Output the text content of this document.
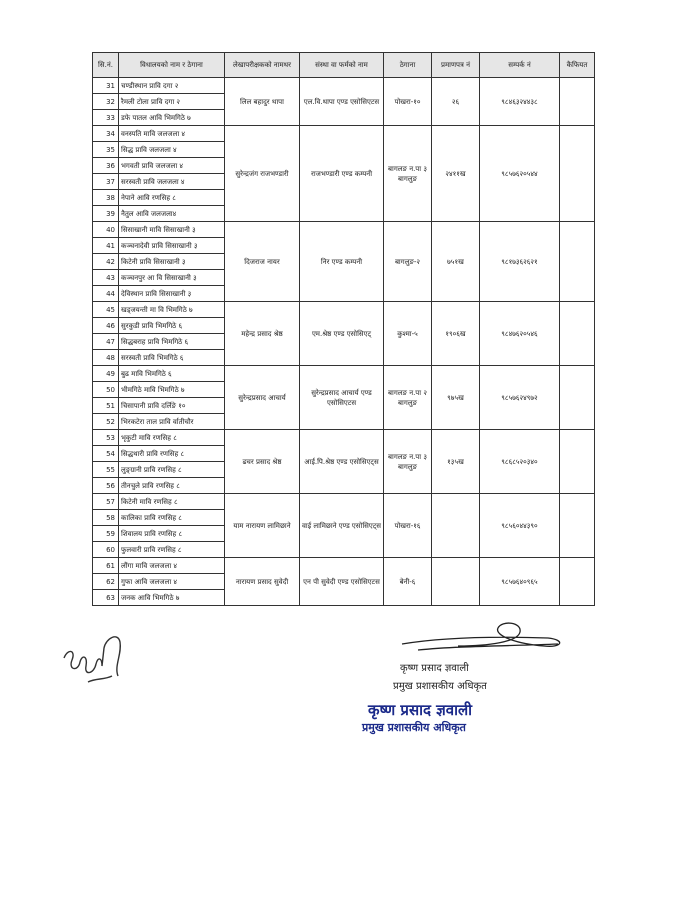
सि.नं.	विधालयको नाम र ठेगाना	लेखापरीक्षकको नामथर	संस्था वा फर्मको नाम	ठेगाना	प्रमाणपत्र नं	सम्पर्क नं	कैफियत
31	चण्डीस्थान प्रावि दगा २	लिल बहादुर थापा	एल.वि.थापा एण्ड एसोसिएटस	पोखरा-१०	२६	९८४६३२४४३८	
32	रैमली टोला प्रावि दगा २						
33	डफे पातल आवि भिमगिठे ७						
34	वनस्पति मावि जलजला ४	सुरेन्द्रजंग राजभण्डारी	राजभण्डारी एण्ड कम्पनी	बागलङ न.पा ३ बागलुङ	२४११ख	९८५७६२०५४४	
35	सिद्ध प्रावि जलजला ४						
36	भगवती प्रावि जलजला ४						
37	सरस्वती प्रावि जलजला ४						
38	नेपाने आवि रणसिह ८						
39	नैतुल आवि जलजला४						
40	सिसाखानी मावि सिसाखानी ३	दिजराज नायर	निर एण्ड कम्पनी	बागलुङ-२	७५१ख	९८१७३६२६२१	
41	कञ्चनादेवी प्रावि सिसाखानी ३						
42	किटेनी प्रावि सिसाखानी ३						
43	कञ्चनपुर आ वि सिसाखानी ३						
44	देविस्थान प्रावि सिसाखानी ३						
45	खड्जयन्ती मा वि भिमगिठे ७	महेन्द्र प्रसाद श्रेष्ठ	एम.श्रेष्ठ एण्ड एसोसिएट्	कुश्मा-५	१९०६ख	९८४७६२०५४६	
46	सुरकुडी प्रावि भिमगिठे ६						
47	सिद्धबराह प्रावि भिमगिठे ६						
48	सरस्वती प्रावि भिमगिठे ६						
49	बुढ मावि भिमगिठे ६	सुरेन्द्रप्रसाद आचार्य	सुरेन्द्रप्रसाद आचार्य एण्ड एसोसिएटस	बागलङ न.पा २ बागलुङ	९७५ख	९८५७६२४९७२	
50	भीमगिठे मावि भिमगिठे ७						
51	चिसापानी प्रावि दर्लिङे १०						
52	भिरकटेरा ताल प्रावि र्वातीचौर						
53	भृकुटी मावि रणसिह ८	ढचर प्रसाद श्रेष्ठ	आई.पि.श्रेष्ठ एण्ड एसोसिएट्स	बागलङ न.पा ३ बागलुङ	१३५ख	९८६८५२०३४०	
54	सिद्धथारी प्रावि रणसिह ८						
55	लुङ्ग्रानी प्रावि रणसिह ८						
56	तीनचुले प्रावि रणसिह ८						
57	किटेनी मावि रणसिह ८	याम नारायण लामिछाने	वाई लामिछाने एण्ड एसोसिएट्स	पोखरा-१६		९८५६०४४३९०	
58	कालिका प्रावि रणसिह ८						
59	शिवालय प्रावि रणसिह ८						
60	फुलवारी प्रावि रणसिह ८						
61	लौंगा मावि जलजला ४	नारायण प्रसाद सुवेदी	एन पी सुवेदी एण्ड एसोसिएटस	बेनी-६		९८५७६४०९६५	
62	गुफा आवि जलजला ४						
63	जनक आवि भिमगिठे ७						
कृष्ण प्रसाद ज्ञवाली
प्रमुख प्रशासकीय अधिकृत
कृष्ण प्रसाद ज्ञवाली
प्रमुख प्रशासकीय अधिकृत
